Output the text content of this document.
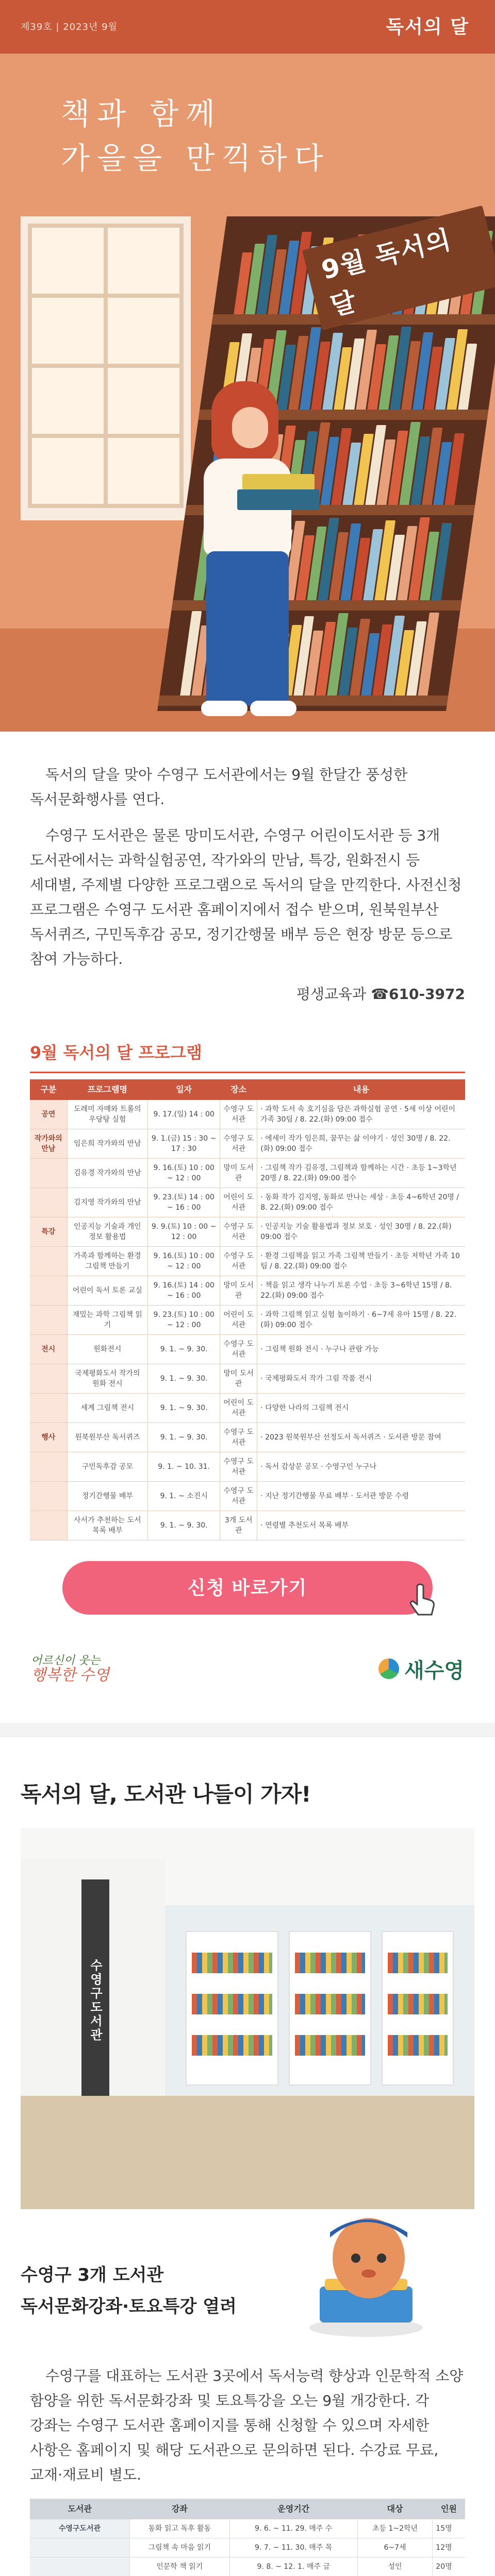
제39호 | 2023년 9월	독서의 달
책과 함께
가을을 만끽하다
9월 독서의 달

독서의 달을 맞아 수영구 도서관에서는 9월 한달간 풍성한 독서문화행사를 연다.

수영구 도서관은 물론 망미도서관, 수영구 어린이도서관 등 3개 도서관에서는 과학실험공연, 작가와의 만남, 특강, 원화전시 등 세대별, 주제별 다양한 프로그램으로 독서의 달을 만끽한다. 사전신청 프로그램은 수영구 도서관 홈페이지에서 접수 받으며, 원북원부산 독서퀴즈, 구민독후감 공모, 정기간행물 배부 등은 현장 방문 등으로 참여 가능하다.

평생교육과 ☎610-3972
9월 독서의 달 프로그램
구분	프로그램명	일자	장소	내용
공연	도레미 자매와 트롤의 우당탕 실험	9. 17.(일) 14 : 00	수영구 도서관	· 과학 도서 속 호기심을 담은 과학실험 공연 · 5세 이상 어린이 가족 30팀 / 8. 22.(화) 09:00 접수
작가와의 만남	임은희 작가와의 만남	9. 1.(금) 15 : 30 ~ 17 : 30	수영구 도서관	· 에세이 작가 임은희, 꿈꾸는 삶 이야기 · 성인 30명 / 8. 22.(화) 09:00 접수
	김유경 작가와의 만남	9. 16.(토) 10 : 00 ~ 12 : 00	망미 도서관	· 그림책 작가 김유경, 그림책과 함께하는 시간 · 초등 1~3학년 20명 / 8. 22.(화) 09:00 접수
	김지영 작가와의 만남	9. 23.(토) 14 : 00 ~ 16 : 00	어린이 도서관	· 동화 작가 김지영, 동화로 만나는 세상 · 초등 4~6학년 20명 / 8. 22.(화) 09:00 접수
특강	인공지능 기술과 개인정보 활용법	9. 9.(토) 10 : 00 ~ 12 : 00	수영구 도서관	· 인공지능 기술 활용법과 정보 보호 · 성인 30명 / 8. 22.(화) 09:00 접수
	가족과 함께하는 환경 그림책 만들기	9. 16.(토) 10 : 00 ~ 12 : 00	수영구 도서관	· 환경 그림책을 읽고 가족 그림책 만들기 · 초등 저학년 가족 10팀 / 8. 22.(화) 09:00 접수
	어린이 독서 토론 교실	9. 16.(토) 14 : 00 ~ 16 : 00	망미 도서관	· 책을 읽고 생각 나누기 토론 수업 · 초등 3~6학년 15명 / 8. 22.(화) 09:00 접수
	재밌는 과학 그림책 읽기	9. 23.(토) 10 : 00 ~ 12 : 00	어린이 도서관	· 과학 그림책 읽고 실험 놀이하기 · 6~7세 유아 15명 / 8. 22.(화) 09:00 접수
전시	원화전시	9. 1. ~ 9. 30.	수영구 도서관	· 그림책 원화 전시 · 누구나 관람 가능
	국제평화도서 작가의 원화 전시	9. 1. ~ 9. 30.	망미 도서관	· 국제평화도서 작가 그림 작품 전시
	세계 그림책 전시	9. 1. ~ 9. 30.	어린이 도서관	· 다양한 나라의 그림책 전시
행사	원북원부산 독서퀴즈	9. 1. ~ 9. 30.	수영구 도서관	· 2023 원북원부산 선정도서 독서퀴즈 · 도서관 방문 참여
	구민독후감 공모	9. 1. ~ 10. 31.	수영구 도서관	· 독서 감상문 공모 · 수영구민 누구나
	정기간행물 배부	9. 1. ~ 소진시	수영구 도서관	· 지난 정기간행물 무료 배부 · 도서관 방문 수령
	사서가 추천하는 도서 목록 배부	9. 1. ~ 9. 30.	3개 도서관	· 연령별 추천도서 목록 배부
신청 바로가기
어르신이 웃는
행복한 수영	새수영
독서의 달, 도서관 나들이 가자!
수영구도서관
수영구 3개 도서관
독서문화강좌·토요특강 열려

수영구를 대표하는 도서관 3곳에서 독서능력 향상과 인문학적 소양 함양을 위한 독서문화강좌 및 토요특강을 오는 9월 개강한다. 각 강좌는 수영구 도서관 홈페이지를 통해 신청할 수 있으며 자세한 사항은 홈페이지 및 해당 도서관으로 문의하면 된다. 수강료 무료, 교재·재료비 별도.

도서관	강좌	운영기간	대상	인원
수영구도서관	동화 읽고 독후 활동	9. 6. ~ 11. 29. 매주 수	초등 1~2학년	15명
	그림책 속 마음 읽기	9. 7. ~ 11. 30. 매주 목	6~7세	12명
	인문학 책 읽기	9. 8. ~ 12. 1. 매주 금	성인	20명
